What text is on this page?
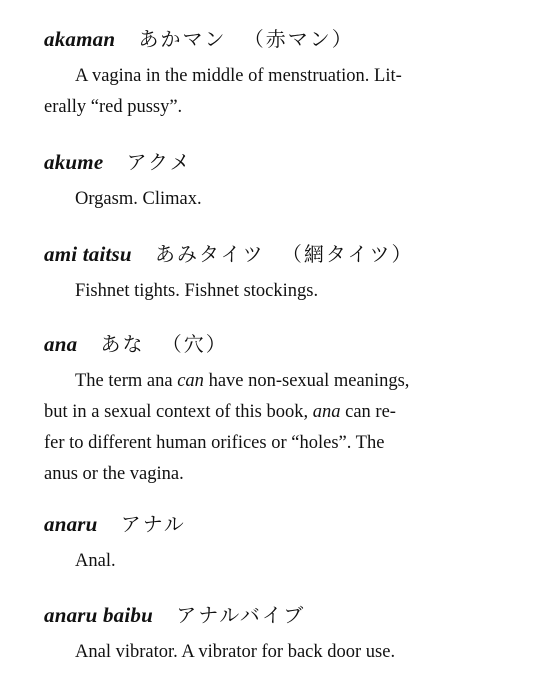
akaman あかマン （赤マン）

A vagina in the middle of menstruation. Lit-
erally “red pussy”.

akume アクメ

Orgasm. Climax.

ami taitsu あみタイツ （網タイツ）

Fishnet tights. Fishnet stockings.

ana あな （穴）

The term ana can have non-sexual meanings,
but in a sexual context of this book, ana can re-
fer to different human orifices or “holes”. The
anus or the vagina.

anaru アナル

Anal.

anaru baibu アナルバイブ

Anal vibrator. A vibrator for back door use.
